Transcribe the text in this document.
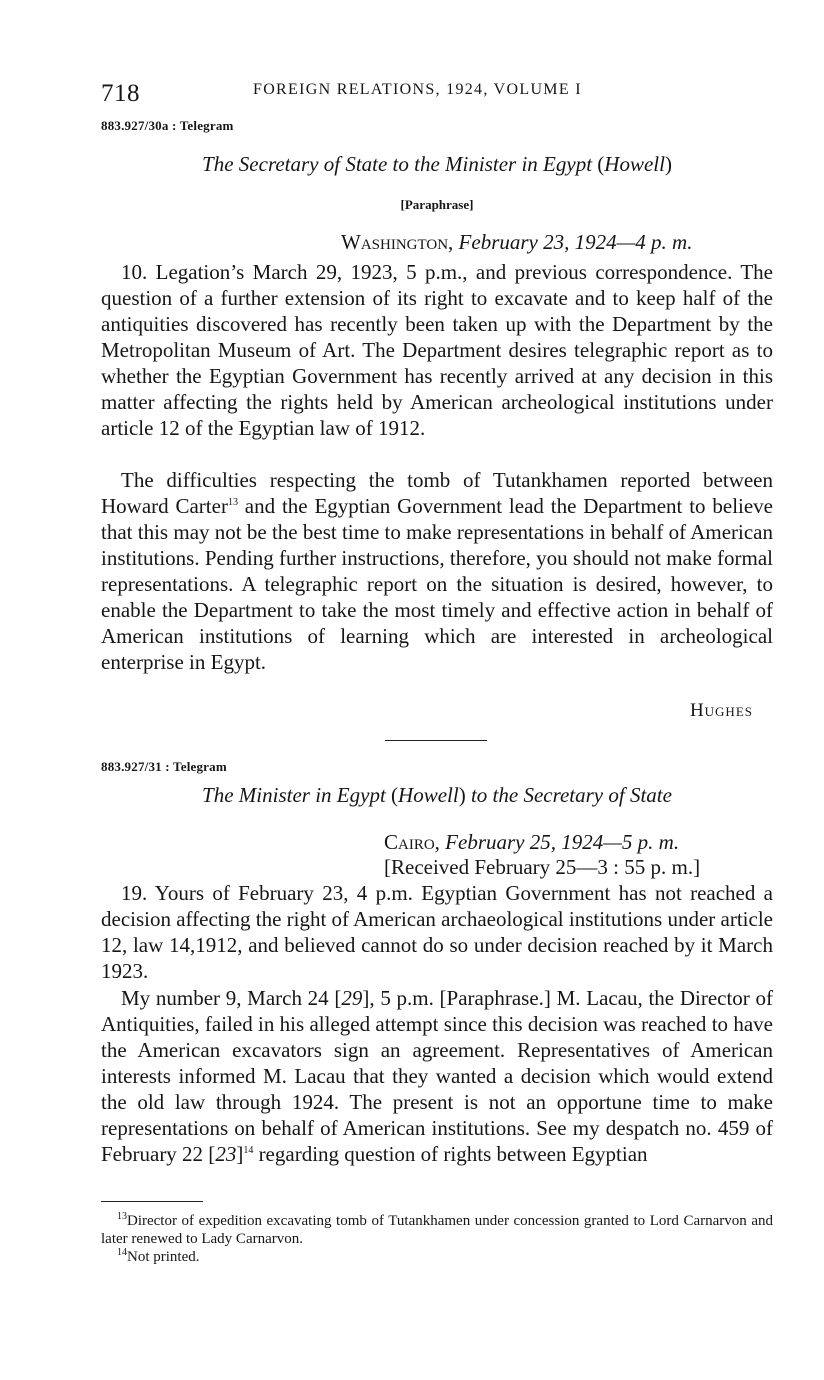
718	FOREIGN RELATIONS, 1924, VOLUME I
883.927/30a : Telegram
The Secretary of State to the Minister in Egypt (Howell)
[Paraphrase]
Washington, February 23, 1924—4 p. m.

10. Legation’s March 29, 1923, 5 p.m., and previous correspondence. The question of a further extension of its right to excavate and to keep half of the antiquities discovered has recently been taken up with the Department by the Metropolitan Museum of Art. The Department desires telegraphic report as to whether the Egyptian Government has recently arrived at any decision in this matter affecting the rights held by American archeological institutions under article 12 of the Egyptian law of 1912.

The difficulties respecting the tomb of Tutankhamen reported between Howard Carter$^{13}$ and the Egyptian Government lead the Department to believe that this may not be the best time to make representations in behalf of American institutions. Pending further instructions, therefore, you should not make formal representations. A telegraphic report on the situation is desired, however, to enable the Department to take the most timely and effective action in behalf of American institutions of learning which are interested in archeological enterprise in Egypt.

Hughes
883.927/31 : Telegram
The Minister in Egypt (Howell) to the Secretary of State
Cairo, February 25, 1924—5 p. m.
[Received February 25—3 : 55 p. m.]

19. Yours of February 23, 4 p.m. Egyptian Government has not reached a decision affecting the right of American archaeological institutions under article 12, law 14,1912, and believed cannot do so under decision reached by it March 1923.

My number 9, March 24 [29], 5 p.m. [Paraphrase.] M. Lacau, the Director of Antiquities, failed in his alleged attempt since this decision was reached to have the American excavators sign an agreement. Representatives of American interests informed M. Lacau that they wanted a decision which would extend the old law through 1924. The present is not an opportune time to make representations on behalf of American institutions. See my despatch no. 459 of February 22 $[23]^{14}$ regarding question of rights between Egyptian

$^{13}$Director of expedition excavating tomb of Tutankhamen under concession granted to Lord Carnarvon and later renewed to Lady Carnarvon.

$^{14}$Not printed.
